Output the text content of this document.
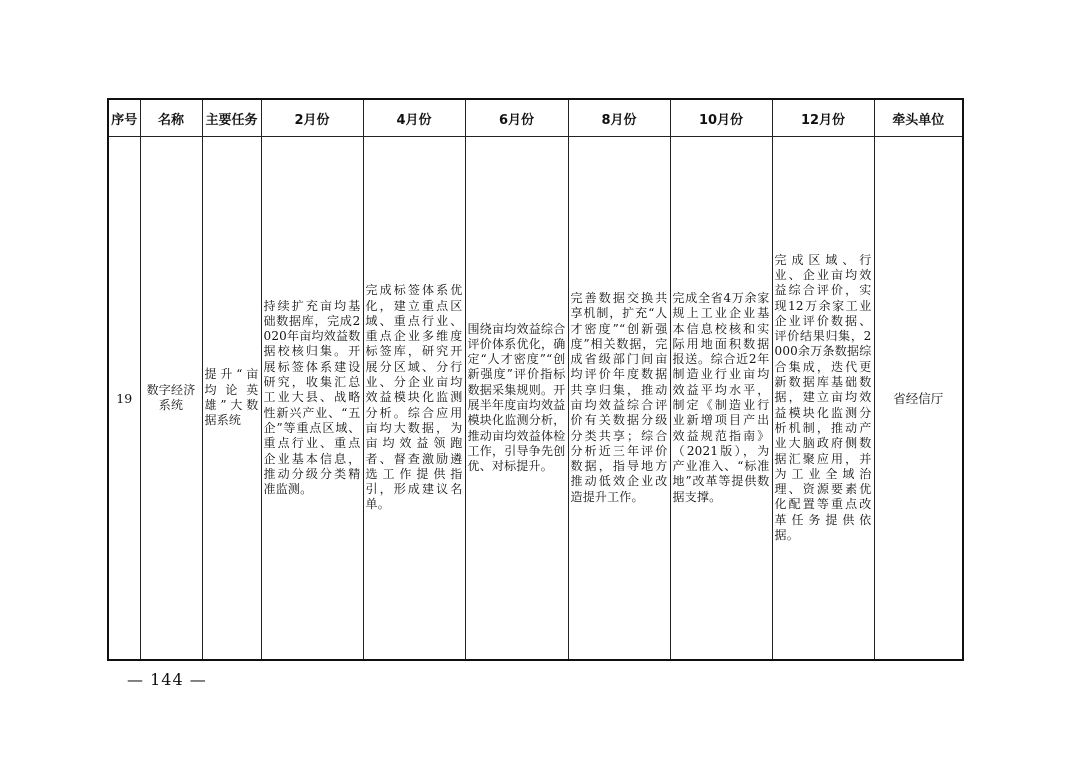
序号	名称	主要任务	2月份	4月份	6月份	8月份	10月份	12月份	牵头单位
19	数字经济系统	提升“亩均论英雄”大数据系统	持续扩充亩均基础数据库，完成2020年亩均效益数据校核归集。开展标签体系建设研究，收集汇总工业大县、战略性新兴产业、“五企”等重点区域、重点行业、重点企业基本信息，推动分级分类精准监测。	完成标签体系优化，建立重点区域、重点行业、重点企业多维度标签库，研究开展分区域、分行业、分企业亩均效益模块化监测分析。综合应用亩均大数据，为亩均效益领跑者、督查激励遴选工作提供指引，形成建议名单。	围绕亩均效益综合评价体系优化，确定“人才密度”“创新强度”评价指标数据采集规则。开展半年度亩均效益模块化监测分析，推动亩均效益体检工作，引导争先创优、对标提升。	完善数据交换共享机制，扩充“人才密度”“创新强度”相关数据，完成省级部门间亩均评价年度数据共享归集，推动亩均效益综合评价有关数据分级分类共享；综合分析近三年评价数据，指导地方推动低效企业改造提升工作。	完成全省4万余家规上工业企业基本信息校核和实际用地面积数据报送。综合近2年制造业行业亩均效益平均水平，制定《制造业行业新增项目产出效益规范指南》（2021版），为产业准入、“标准地”改革等提供数据支撑。	完成区域、行业、企业亩均效益综合评价，实现12万余家工业企业评价数据、评价结果归集，2000余万条数据综合集成，迭代更新数据库基础数据，建立亩均效益模块化监测分析机制，推动产业大脑政府侧数据汇聚应用，并为工业全域治理、资源要素优化配置等重点改革任务提供依据。	省经信厅
— 144 —
